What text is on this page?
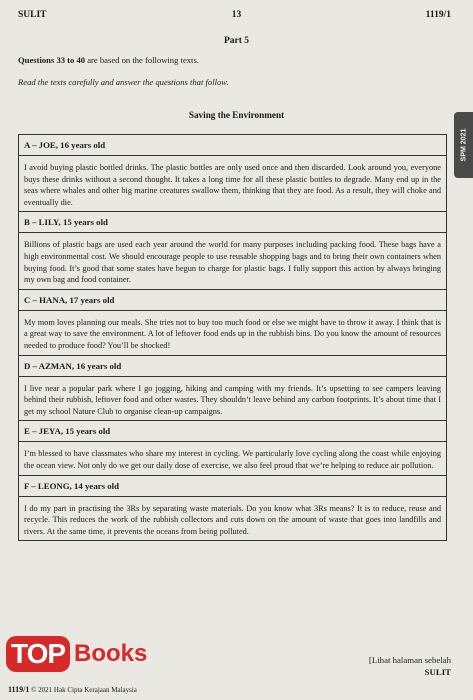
SULIT	13	1119/1
Part 5
Questions 33 to 40 are based on the following texts.
Read the texts carefully and answer the questions that follow.
Saving the Environment
SPM 2021
A – JOE, 16 years old
I avoid buying plastic bottled drinks. The plastic bottles are only used once and then discarded. Look around you, everyone buys these drinks without a second thought. It takes a long time for all these plastic bottles to degrade. Many end up in the seas where whales and other big marine creatures swallow them, thinking that they are food. As a result, they will choke and eventually die.
B – LILY, 15 years old
Billions of plastic bags are used each year around the world for many purposes including packing food. These bags have a high environmental cost. We should encourage people to use reusable shopping bags and to bring their own containers when buying food. It’s good that some states have begun to charge for plastic bags. I fully support this action by always bringing my own bag and food container.
C – HANA, 17 years old
My mom loves planning our meals. She tries not to buy too much food or else we might have to throw it away. I think that is a great way to save the environment. A lot of leftover food ends up in the rubbish bins. Do you know the amount of resources needed to produce food? You’ll be shocked!
D – AZMAN, 16 years old
I live near a popular park where I go jogging, hiking and camping with my friends. It’s upsetting to see campers leaving behind their rubbish, leftover food and other wastes. They shouldn’t leave behind any carbon footprints. It’s about time that I get my school Nature Club to organise clean-up campaigns.
E – JEYA, 15 years old
I’m blessed to have classmates who share my interest in cycling. We particularly love cycling along the coast while enjoying the ocean view. Not only do we get our daily dose of exercise, we also feel proud that we’re helping to reduce air pollution.
F – LEONG, 14 years old
I do my part in practising the 3Rs by separating waste materials. Do you know what 3Rs means? It is to reduce, reuse and recycle. This reduces the work of the rubbish collectors and cuts down on the amount of waste that goes into landfills and rivers. At the same time, it prevents the oceans from being polluted.
TOP Books	[Lihat halaman sebelah
SULIT
1119/1 © 2021 Hak Cipta Kerajaan Malaysia
